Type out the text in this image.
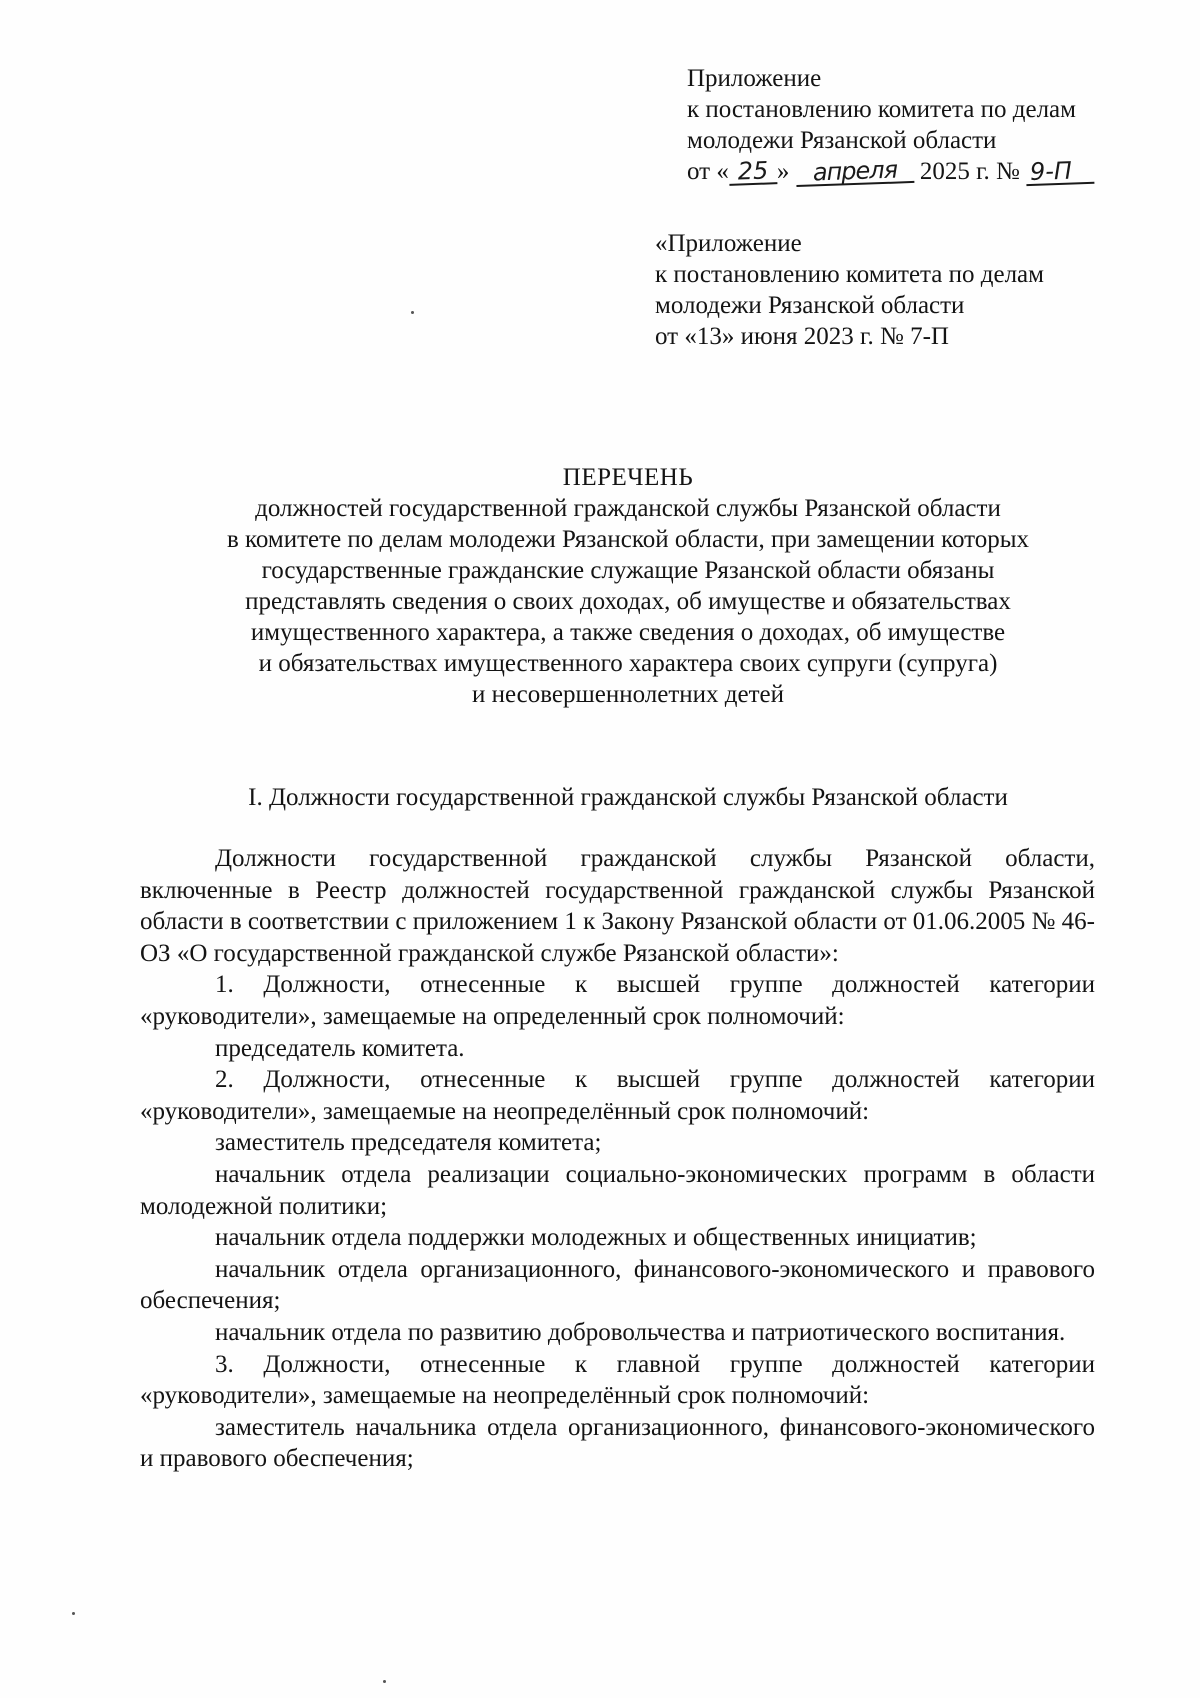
Приложение
к постановлению комитета по делам
молодежи Рязанской области
от « 25 » апреля 2025 г. № 9-П
«Приложение
к постановлению комитета по делам
молодежи Рязанской области
от «13» июня 2023 г. № 7-П
ПЕРЕЧЕНЬ
должностей государственной гражданской службы Рязанской области
в комитете по делам молодежи Рязанской области, при замещении которых
государственные гражданские служащие Рязанской области обязаны
представлять сведения о своих доходах, об имуществе и обязательствах
имущественного характера, а также сведения о доходах, об имуществе
и обязательствах имущественного характера своих супруги (супруга)
и несовершеннолетних детей
I. Должности государственной гражданской службы Рязанской области

Должности государственной гражданской службы Рязанской области, включенные в Реестр должностей государственной гражданской службы Рязанской области в соответствии с приложением 1 к Закону Рязанской области от 01.06.2005 № 46-ОЗ «О государственной гражданской службе Рязанской области»:

1. Должности, отнесенные к высшей группе должностей категории «руководители», замещаемые на определенный срок полномочий:

председатель комитета.

2. Должности, отнесенные к высшей группе должностей категории «руководители», замещаемые на неопределённый срок полномочий:

заместитель председателя комитета;

начальник отдела реализации социально-экономических программ в области молодежной политики;

начальник отдела поддержки молодежных и общественных инициатив;

начальник отдела организационного, финансового-экономического и правового обеспечения;

начальник отдела по развитию добровольчества и патриотического воспитания.

3. Должности, отнесенные к главной группе должностей категории «руководители», замещаемые на неопределённый срок полномочий:

заместитель начальника отдела организационного, финансового-экономического и правового обеспечения;
